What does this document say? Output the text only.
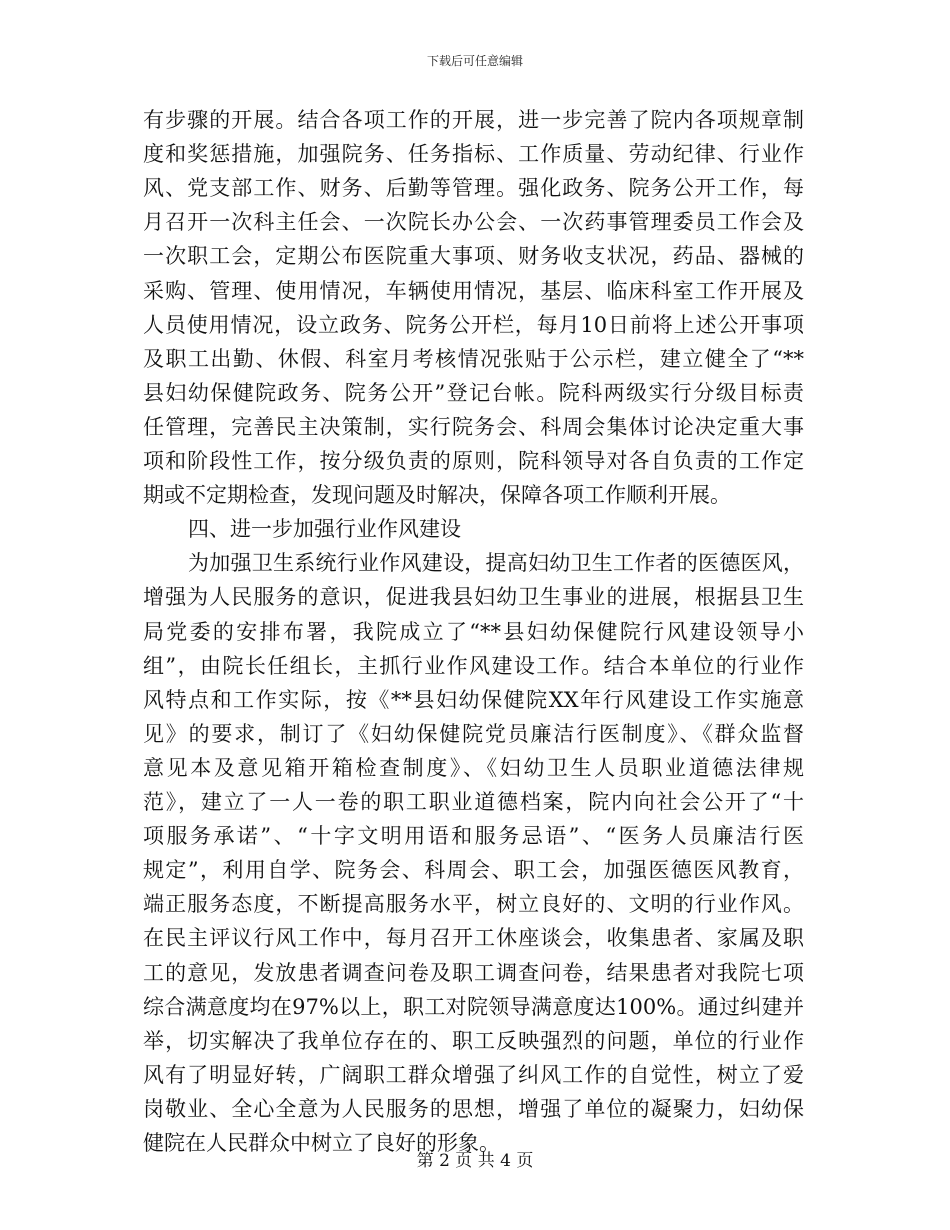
下载后可任意编辑
有步骤的开展。结合各项工作的开展，进一步完善了院内各项规章制
度和奖惩措施，加强院务、任务指标、工作质量、劳动纪律、行业作
风、党支部工作、财务、后勤等管理。强化政务、院务公开工作，每
月召开一次科主任会、一次院长办公会、一次药事管理委员工作会及
一次职工会，定期公布医院重大事项、财务收支状况，药品、器械的
采购、管理、使用情况，车辆使用情况，基层、临床科室工作开展及
人员使用情况，设立政务、院务公开栏，每月10日前将上述公开事项
及职工出勤、休假、科室月考核情况张贴于公示栏，建立健全了“**
县妇幼保健院政务、院务公开”登记台帐。院科两级实行分级目标责
任管理，完善民主决策制，实行院务会、科周会集体讨论决定重大事
项和阶段性工作，按分级负责的原则，院科领导对各自负责的工作定
期或不定期检查，发现问题及时解决，保障各项工作顺利开展。
四、进一步加强行业作风建设
为加强卫生系统行业作风建设，提高妇幼卫生工作者的医德医风，
增强为人民服务的意识，促进我县妇幼卫生事业的进展，根据县卫生
局党委的安排布署，我院成立了“**县妇幼保健院行风建设领导小
组”，由院长任组长，主抓行业作风建设工作。结合本单位的行业作
风特点和工作实际，按《**县妇幼保健院XX年行风建设工作实施意
见》的要求，制订了《妇幼保健院党员廉洁行医制度》、《群众监督
意见本及意见箱开箱检查制度》、《妇幼卫生人员职业道德法律规
范》，建立了一人一卷的职工职业道德档案，院内向社会公开了“十
项服务承诺”、“十字文明用语和服务忌语”、“医务人员廉洁行医
规定”，利用自学、院务会、科周会、职工会，加强医德医风教育，
端正服务态度，不断提高服务水平，树立良好的、文明的行业作风。
在民主评议行风工作中，每月召开工休座谈会，收集患者、家属及职
工的意见，发放患者调查问卷及职工调查问卷，结果患者对我院七项
综合满意度均在97%以上，职工对院领导满意度达100%。通过纠建并
举，切实解决了我单位存在的、职工反映强烈的问题，单位的行业作
风有了明显好转，广阔职工群众增强了纠风工作的自觉性，树立了爱
岗敬业、全心全意为人民服务的思想，增强了单位的凝聚力，妇幼保
健院在人民群众中树立了良好的形象。
第 2 页 共 4 页
